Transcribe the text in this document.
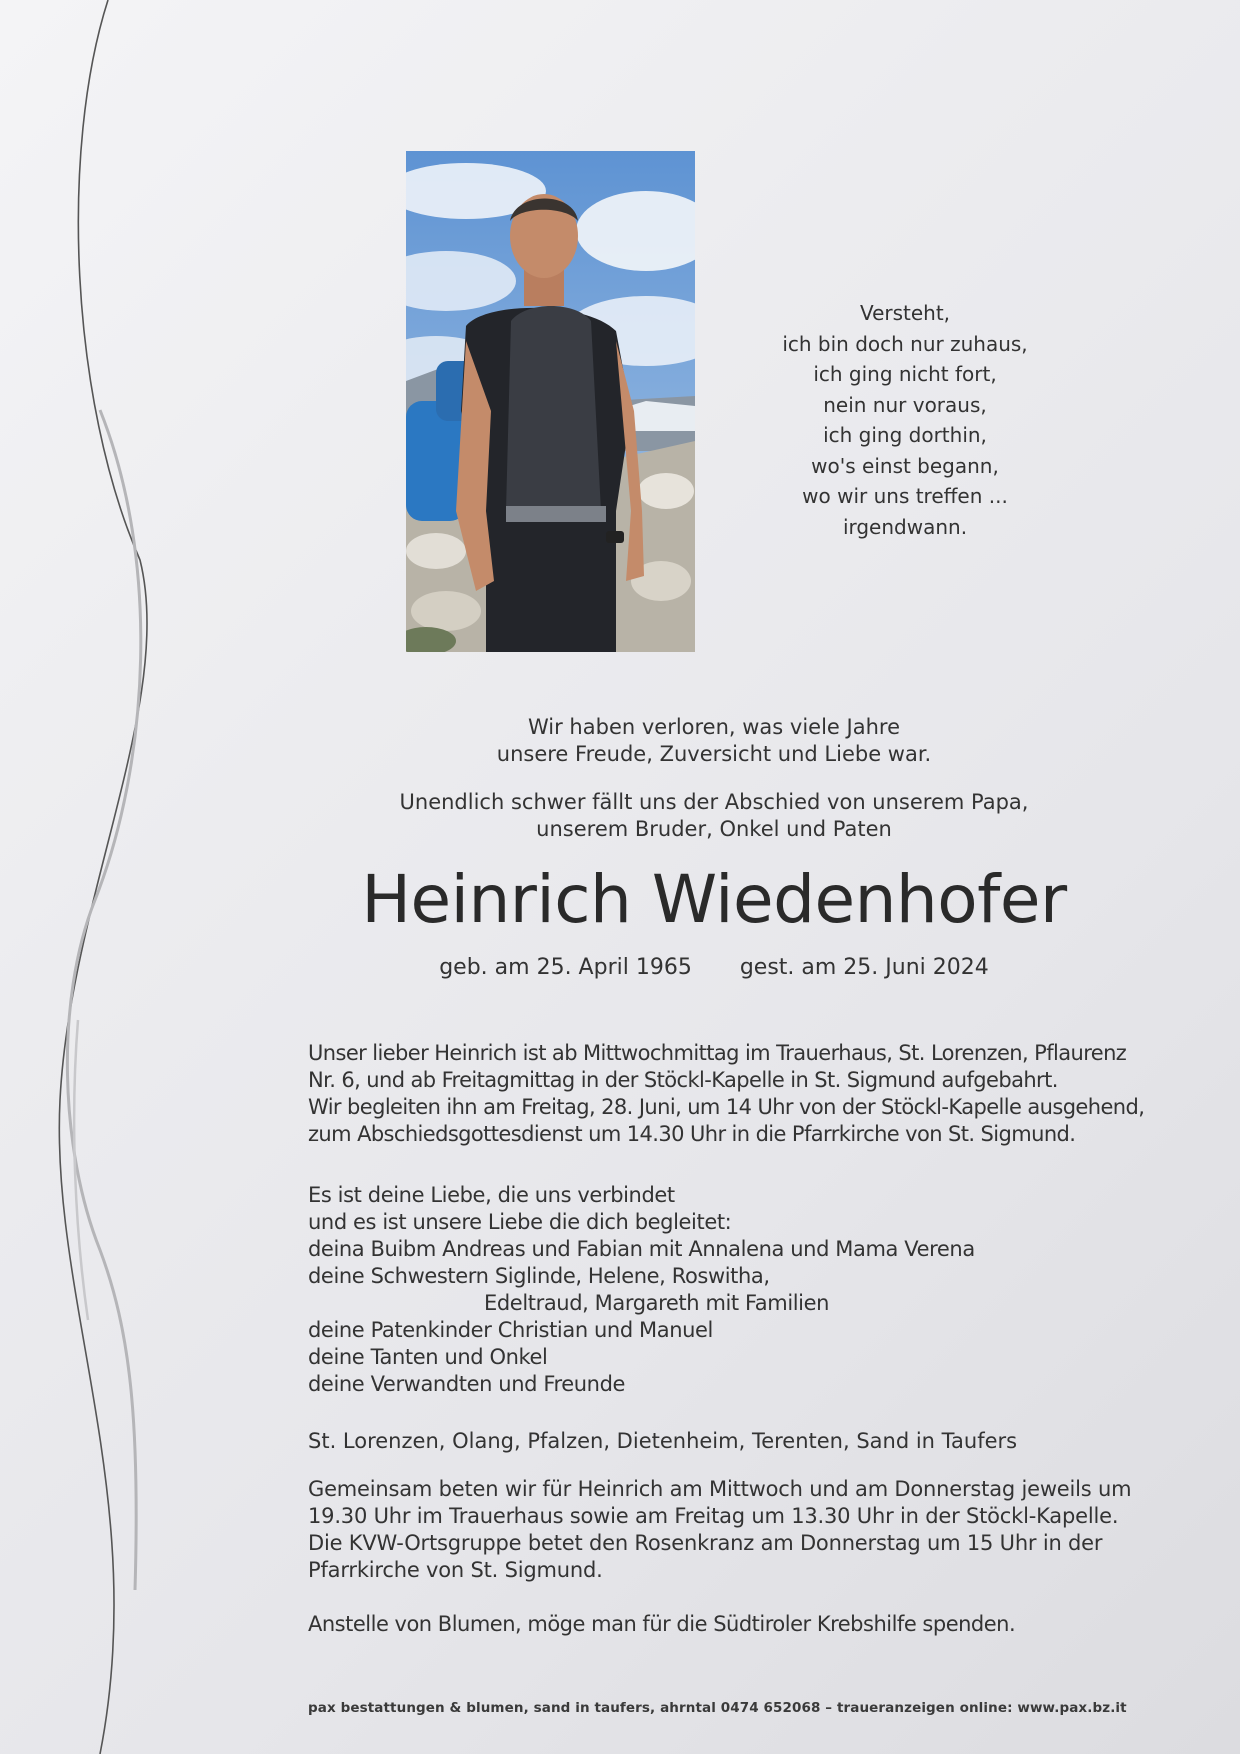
Versteht,
ich bin doch nur zuhaus,
ich ging nicht fort,
nein nur voraus,
ich ging dorthin,
wo's einst begann,
wo wir uns treffen ...
irgendwann.
Wir haben verloren, was viele Jahre
unsere Freude, Zuversicht und Liebe war.
Unendlich schwer fällt uns der Abschied von unserem Papa,
unserem Bruder, Onkel und Paten
Heinrich Wiedenhofer
geb. am 25. April 1965 gest. am 25. Juni 2024
Unser lieber Heinrich ist ab Mittwochmittag im Trauerhaus, St. Lorenzen, Pflaurenz
Nr. 6, und ab Freitagmittag in der Stöckl-Kapelle in St. Sigmund aufgebahrt.
Wir begleiten ihn am Freitag, 28. Juni, um 14 Uhr von der Stöckl-Kapelle ausgehend,
zum Abschiedsgottesdienst um 14.30 Uhr in die Pfarrkirche von St. Sigmund.
Es ist deine Liebe, die uns verbindet
und es ist unsere Liebe die dich begleitet:
deina Buibm Andreas und Fabian mit Annalena und Mama Verena
deine Schwestern Siglinde, Helene, Roswitha,
Edeltraud, Margareth mit Familien
deine Patenkinder Christian und Manuel
deine Tanten und Onkel
deine Verwandten und Freunde
St. Lorenzen, Olang, Pfalzen, Dietenheim, Terenten, Sand in Taufers
Gemeinsam beten wir für Heinrich am Mittwoch und am Donnerstag jeweils um
19.30 Uhr im Trauerhaus sowie am Freitag um 13.30 Uhr in der Stöckl-Kapelle.
Die KVW-Ortsgruppe betet den Rosenkranz am Donnerstag um 15 Uhr in der
Pfarrkirche von St. Sigmund.
Anstelle von Blumen, möge man für die Südtiroler Krebshilfe spenden.
pax bestattungen & blumen, sand in taufers, ahrntal 0474 652068 – traueranzeigen online: www.pax.bz.it
